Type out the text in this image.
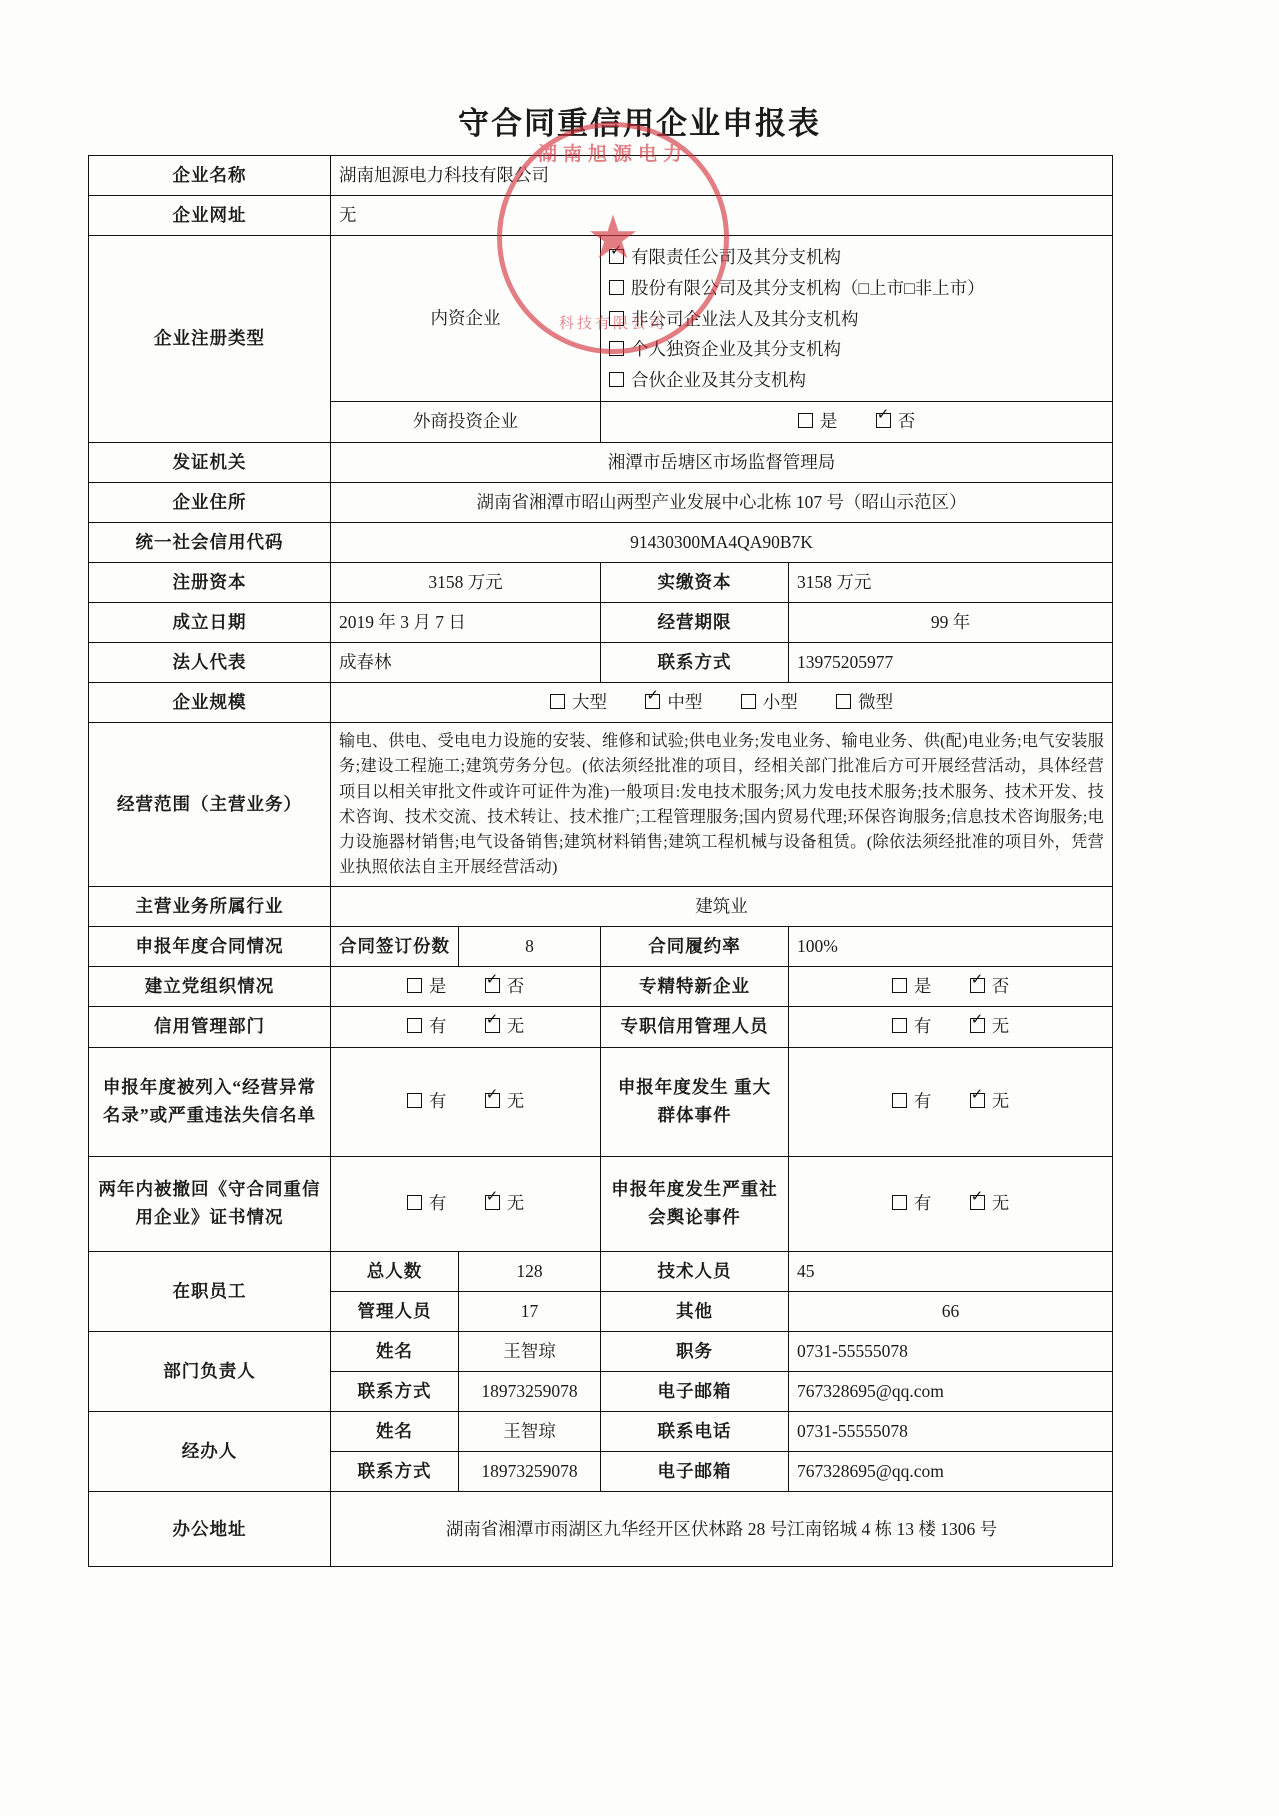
守合同重信用企业申报表
湖南旭源电力
★
科技有限公司
企业名称	湖南旭源电力科技有限公司			
企业网址	无			
企业注册类型	内资企业	
✓有限责任公司及其分支机构
股份有限公司及其分支机构（□上市□非上市）
非公司企业法人及其分支机构
个人独资企业及其分支机构
合伙企业及其分支机构

	外商投资企业		是 ✓ 否
发证机关	湘潭市岳塘区市场监督管理局			
企业住所	湖南省湘潭市昭山两型产业发展中心北栋 107 号（昭山示范区）			
统一社会信用代码	91430300MA4QA90B7K			
注册资本	3158 万元		实缴资本	3158 万元
成立日期	2019 年 3 月 7 日		经营期限	99 年
法人代表	成春林		联系方式	13975205977
企业规模	大型 ✓ 中型 小型 微型
经营范围（主营业务）	输电、供电、受电电力设施的安装、维修和试验;供电业务;发电业务、输电业务、供(配)电业务;电气安装服务;建设工程施工;建筑劳务分包。(依法须经批准的项目，经相关部门批准后方可开展经营活动，具体经营项目以相关审批文件或许可证件为准)一般项目:发电技术服务;风力发电技术服务;技术服务、技术开发、技术咨询、技术交流、技术转让、技术推广;工程管理服务;国内贸易代理;环保咨询服务;信息技术咨询服务;电力设施器材销售;电气设备销售;建筑材料销售;建筑工程机械与设备租赁。(除依法须经批准的项目外，凭营业执照依法自主开展经营活动)			
主营业务所属行业	建筑业			
申报年度合同情况	合同签订份数	8	合同履约率	100%
建立党组织情况	是 ✓ 否		专精特新企业	是 ✓ 否
信用管理部门	有 ✓ 无		专职信用管理人员	有 ✓ 无
申报年度被列入“经营异常名录”或严重违法失信名单	有 ✓ 无		申报年度发生 重大群体事件	有 ✓ 无
两年内被撤回《守合同重信用企业》证书情况	有 ✓ 无		申报年度发生严重社会舆论事件	有 ✓ 无
在职员工	总人数	128	技术人员	45
	管理人员	17	其他	66
部门负责人	姓名	王智琼	职务	0731-55555078
	联系方式	18973259078	电子邮箱	767328695@qq.com
经办人	姓名	王智琼	联系电话	0731-55555078
	联系方式	18973259078	电子邮箱	767328695@qq.com
办公地址	湖南省湘潭市雨湖区九华经开区伏林路 28 号江南铭城 4 栋 13 楼 1306 号			
